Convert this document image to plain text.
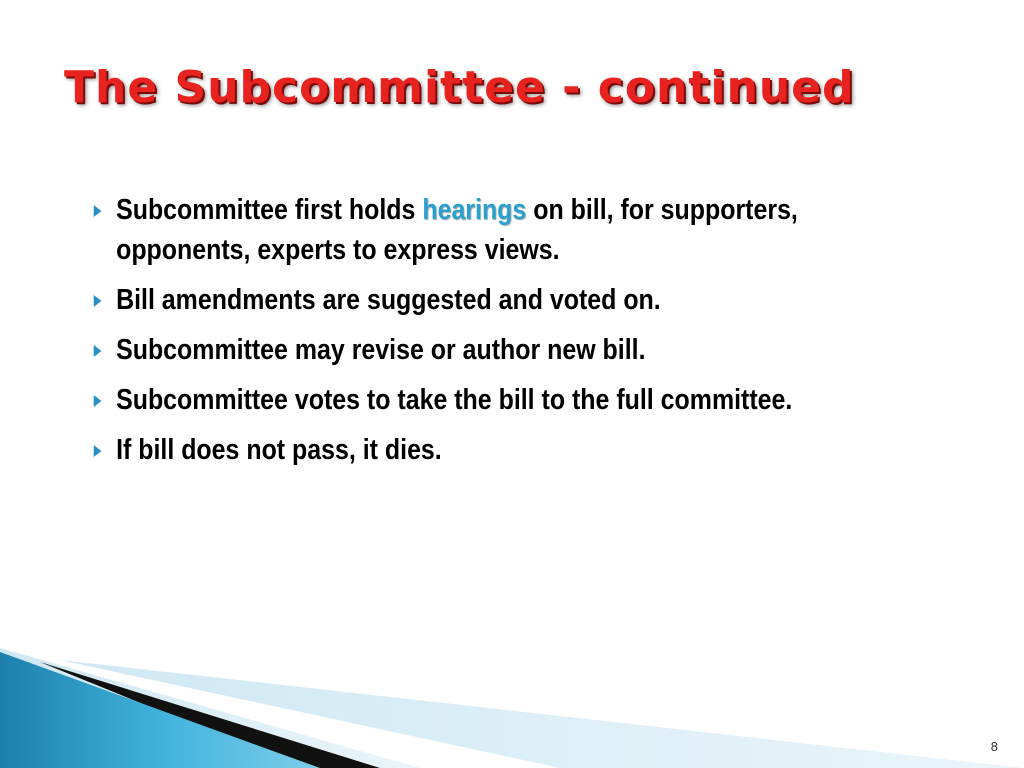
The Subcommittee - continued
Subcommittee first holds hearings on bill, for supporters, opponents, experts to express views.
Bill amendments are suggested and voted on.
Subcommittee may revise or author new bill.
Subcommittee votes to take the bill to the full committee.
If bill does not pass, it dies.
8
